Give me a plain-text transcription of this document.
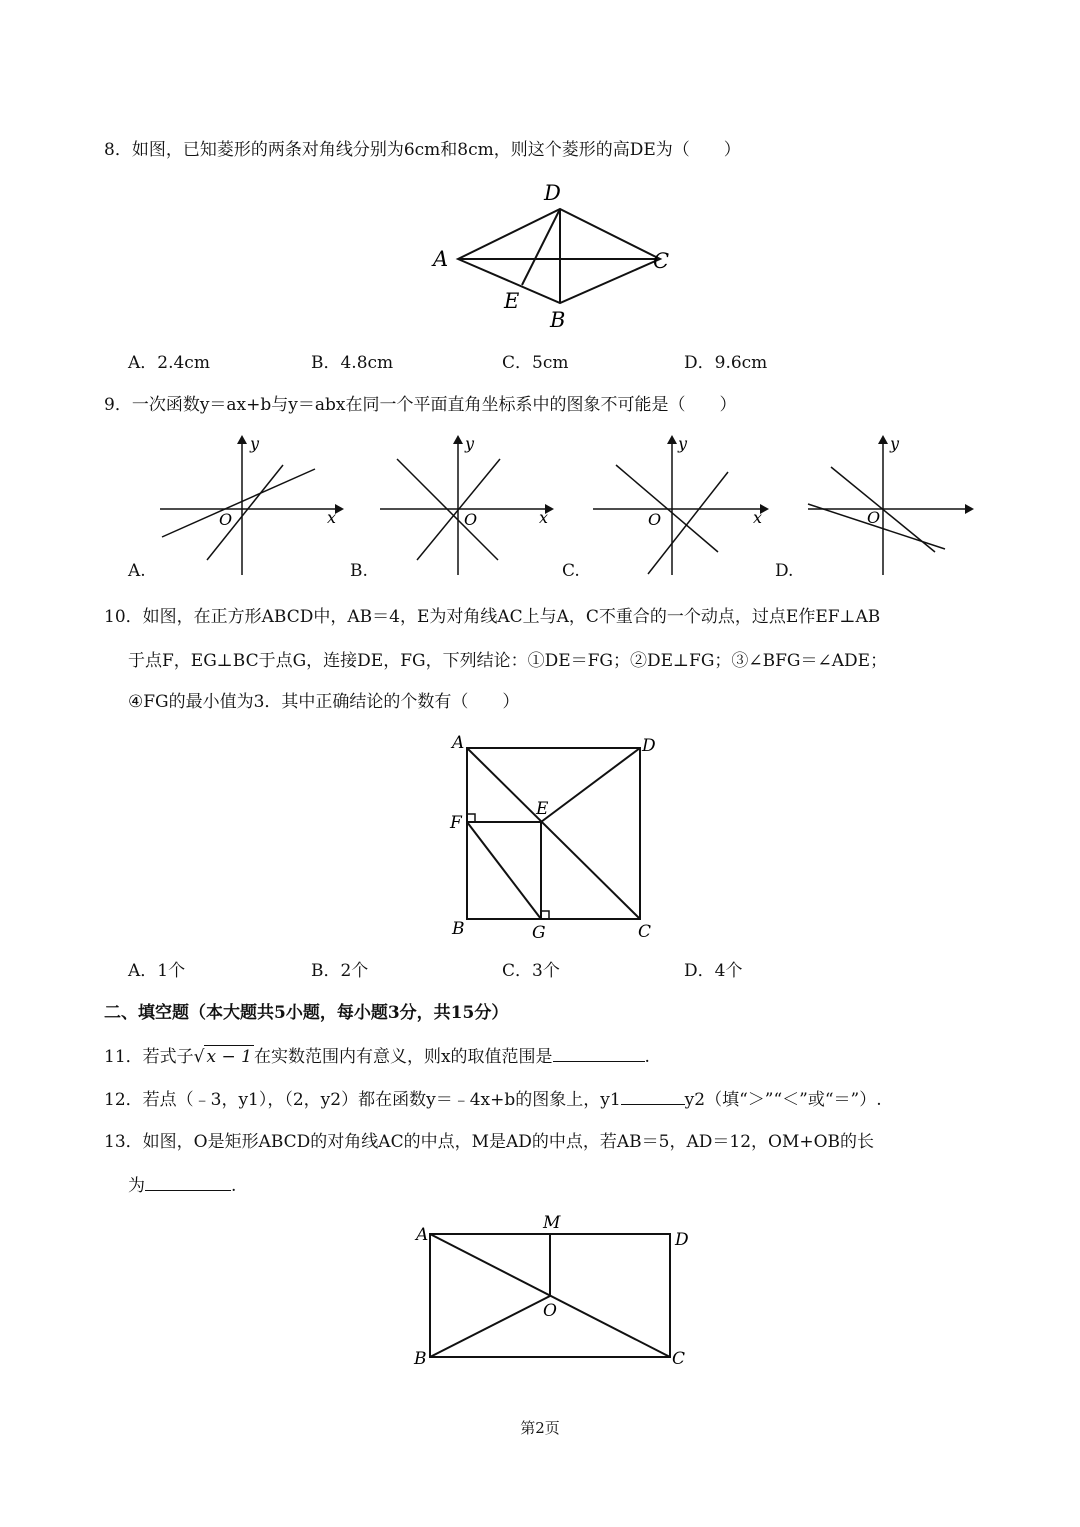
8．如图，已知菱形的两条对角线分别为6cm和8cm，则这个菱形的高DE为（　　）
D
A	C
E
B
A．2.4cm	B．4.8cm	C．5cm	D．9.6cm
9．一次函数y＝ax+b与y＝abx在同一个平面直角坐标系中的图象不可能是（　　）
y
x
O
y
x
O
y
x
O
y
O
A.	B.	C.	D.
10．如图，在正方形ABCD中，AB＝4，E为对角线AC上与A，C不重合的一个动点，过点E作EF⊥AB
于点F，EG⊥BC于点G，连接DE，FG，下列结论：①DE＝FG；②DE⊥FG；③∠BFG＝∠ADE；
④FG的最小值为3．其中正确结论的个数有（　　）
A	D
E
F
B	G	C
A．1个	B．2个	C．3个	D．4个
二、填空题（本大题共5小题，每小题3分，共15分）
11．若式子√ x − 1 在实数范围内有意义，则x的取值范围是	.
12．若点（﹣3，y1），（2，y2）都在函数y＝﹣4x+b的图象上，y1	y2（填“＞”“＜”或“＝”）.
13．如图，O是矩形ABCD的对角线AC的中点，M是AD的中点，若AB＝5，AD＝12，OM+OB的长
为	.
M
A	D
O
B	C
第2页
